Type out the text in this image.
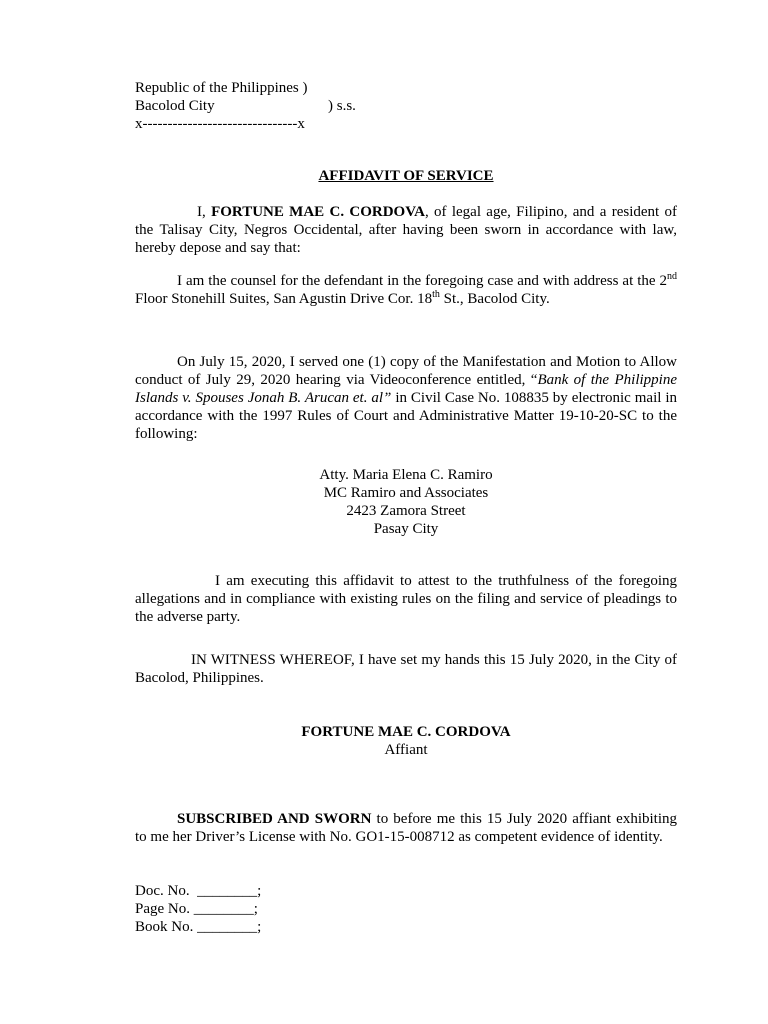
Republic of the Philippines )
Bacolod City	) s.s.
x-------------------------------x
AFFIDAVIT OF SERVICE
I, FORTUNE MAE C. CORDOVA, of legal age, Filipino, and a resident of the Talisay City, Negros Occidental, after having been sworn in accordance with law, hereby depose and say that:
I am the counsel for the defendant in the foregoing case and with address at the 2nd Floor Stonehill Suites, San Agustin Drive Cor. 18th St., Bacolod City.
On July 15, 2020, I served one (1) copy of the Manifestation and Motion to Allow conduct of July 29, 2020 hearing via Videoconference entitled, “Bank of the Philippine Islands v. Spouses Jonah B. Arucan et. al” in Civil Case No. 108835 by electronic mail in accordance with the 1997 Rules of Court and Administrative Matter 19-10-20-SC to the following:
Atty. Maria Elena C. Ramiro
MC Ramiro and Associates
2423 Zamora Street
Pasay City
I am executing this affidavit to attest to the truthfulness of the foregoing allegations and in compliance with existing rules on the filing and service of pleadings to the adverse party.
IN WITNESS WHEREOF, I have set my hands this 15 July 2020, in the City of Bacolod, Philippines.
FORTUNE MAE C. CORDOVA
Affiant
SUBSCRIBED AND SWORN to before me this 15 July 2020 affiant exhibiting to me her Driver’s License with No. GO1-15-008712 as competent evidence of identity.
Doc. No.  ________;
Page No. ________;
Book No. ________;
